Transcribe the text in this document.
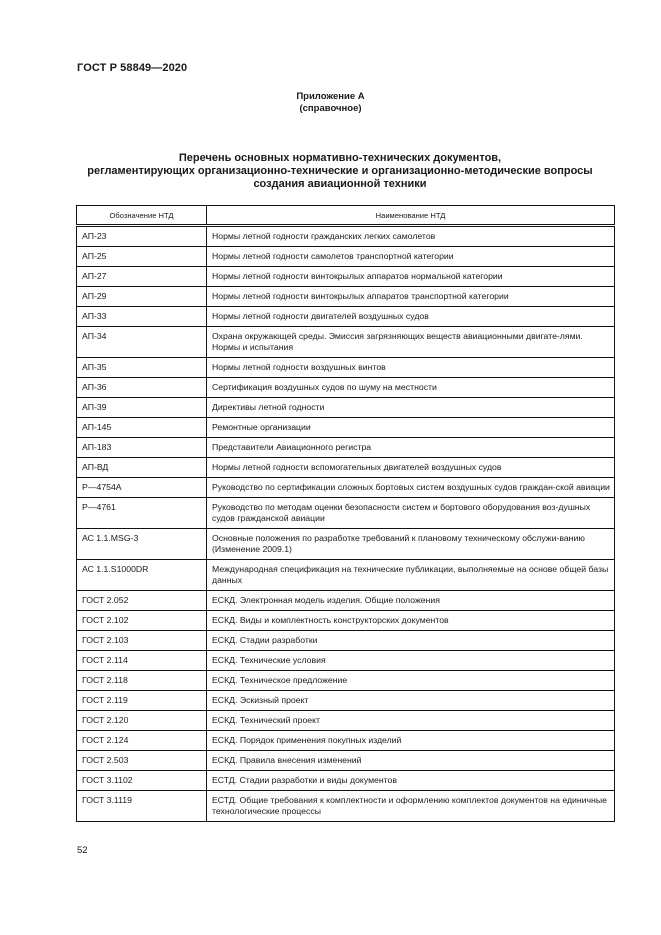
ГОСТ Р 58849—2020
Приложение А
(справочное)
Перечень основных нормативно-технических документов,
регламентирующих организационно-технические и организационно-методические вопросы
создания авиационной техники
Обозначение НТД	Наименование НТД
АП-23	Нормы летной годности гражданских легких самолетов
АП-25	Нормы летной годности самолетов транспортной категории
АП-27	Нормы летной годности винтокрылых аппаратов нормальной категории
АП-29	Нормы летной годности винтокрылых аппаратов транспортной категории
АП-33	Нормы летной годности двигателей воздушных судов
АП-34	Охрана окружающей среды. Эмиссия загрязняющих веществ авиационными двигате-лями. Нормы и испытания
АП-35	Нормы летной годности воздушных винтов
АП-36	Сертификация воздушных судов по шуму на местности
АП-39	Директивы летной годности
АП-145	Ремонтные организации
АП-183	Представители Авиационного регистра
АП-ВД	Нормы летной годности вспомогательных двигателей воздушных судов
Р—4754А	Руководство по сертификации сложных бортовых систем воздушных судов граждан-ской авиации
Р—4761	Руководство по методам оценки безопасности систем и бортового оборудования воз-душных судов гражданской авиации
АС 1.1.MSG-3	Основные положения по разработке требований к плановому техническому обслужи-ванию (Изменение 2009.1)
АС 1.1.S1000DR	Международная спецификация на технические публикации, выполняемые на основе общей базы данных
ГОСТ 2.052	ЕСКД. Электронная модель изделия. Общие положения
ГОСТ 2.102	ЕСКД. Виды и комплектность конструкторских документов
ГОСТ 2.103	ЕСКД. Стадии разработки
ГОСТ 2.114	ЕСКД. Технические условия
ГОСТ 2.118	ЕСКД. Техническое предложение
ГОСТ 2.119	ЕСКД. Эскизный проект
ГОСТ 2.120	ЕСКД. Технический проект
ГОСТ 2.124	ЕСКД. Порядок применения покупных изделий
ГОСТ 2.503	ЕСКД. Правила внесения изменений
ГОСТ 3.1102	ЕСТД. Стадии разработки и виды документов
ГОСТ 3.1119	ЕСТД. Общие требования к комплектности и оформлению комплектов документов на единичные технологические процессы
52
